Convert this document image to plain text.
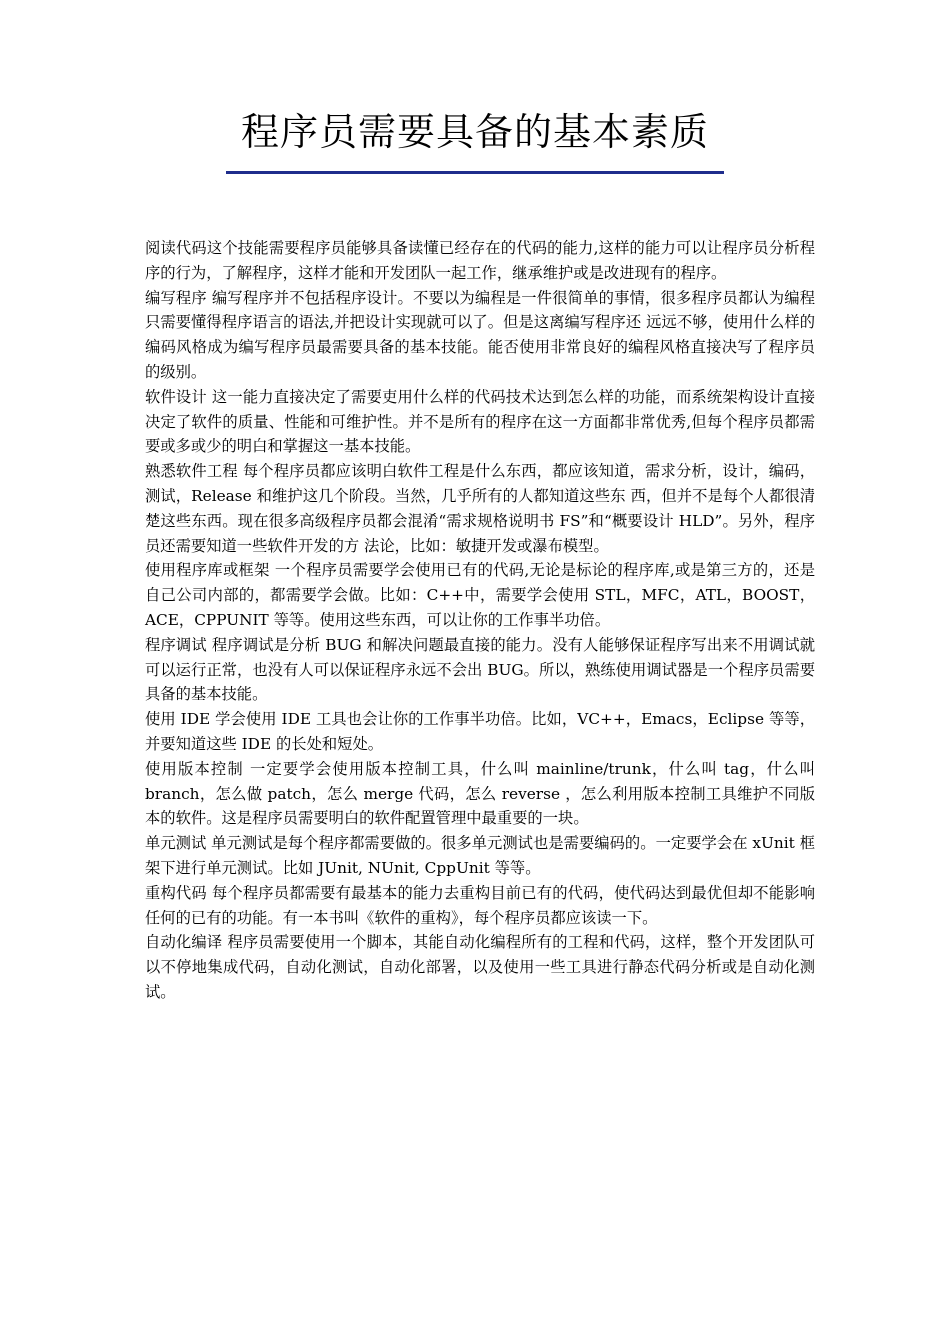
程序员需要具备的基本素质

阅读代码这个技能需要程序员能够具备读懂已经存在的代码的能力,这样的能力可以让程序员分析程序的行为，了解程序，这样才能和开发团队一起工作，继承维护或是改进现有的程序。

编写程序 编写程序并不包括程序设计。不要以为编程是一件很简单的事情，很多程序员都认为编程只需要懂得程序语言的语法,并把设计实现就可以了。但是这离编写程序还 远远不够，使用什么样的编码风格成为编写程序员最需要具备的基本技能。能否使用非常良好的编程风格直接决写了程序员的级别。

软件设计 这一能力直接决定了需要吏用什么样的代码技术达到怎么样的功能，而系统架构设计直接决定了软件的质量、性能和可维护性。并不是所有的程序在这一方面都非常优秀,但每个程序员都需要或多或少的明白和掌握这一基本技能。

熟悉软件工程 每个程序员都应该明白软件工程是什么东西，都应该知道，需求分析，设计，编码，测试，Release 和维护这几个阶段。当然，几乎所有的人都知道这些东 西，但并不是每个人都很清楚这些东西。现在很多高级程序员都会混淆“需求规格说明书 FS”和“概要设计 HLD”。另外，程序员还需要知道一些软件开发的方 法论，比如：敏捷开发或瀑布模型。

使用程序库或框架 一个程序员需要学会使用已有的代码,无论是标论的程序库,或是第三方的，还是自己公司内部的，都需要学会做。比如：C++中，需要学会使用 STL，MFC，ATL，BOOST，ACE，CPPUNIT 等等。使用这些东西，可以让你的工作事半功倍。

程序调试 程序调试是分析 BUG 和解决问题最直接的能力。没有人能够保证程序写出来不用调试就可以运行正常，也没有人可以保证程序永远不会出 BUG。所以，熟练使用调试器是一个程序员需要具备的基本技能。

使用 IDE 学会使用 IDE 工具也会让你的工作事半功倍。比如，VC++，Emacs，Eclipse 等等，并要知道这些 IDE 的长处和短处。

使用版本控制 一定要学会使用版本控制工具，什么叫 mainline/trunk，什么叫 tag，什么叫 branch，怎么做 patch，怎么 merge 代码，怎么 reverse ，怎么利用版本控制工具维护不同版本的软件。这是程序员需要明白的软件配置管理中最重要的一块。

单元测试 单元测试是每个程序都需要做的。很多单元测试也是需要编码的。一定要学会在 xUnit 框架下进行单元测试。比如 JUnit, NUnit, CppUnit 等等。

重构代码 每个程序员都需要有最基本的能力去重构目前已有的代码，使代码达到最优但却不能影响任何的已有的功能。有一本书叫《软件的重构》，每个程序员都应该读一下。

自动化编译 程序员需要使用一个脚本，其能自动化编程所有的工程和代码，这样，整个开发团队可以不停地集成代码，自动化测试，自动化部署，以及使用一些工具进行静态代码分析或是自动化测试。
